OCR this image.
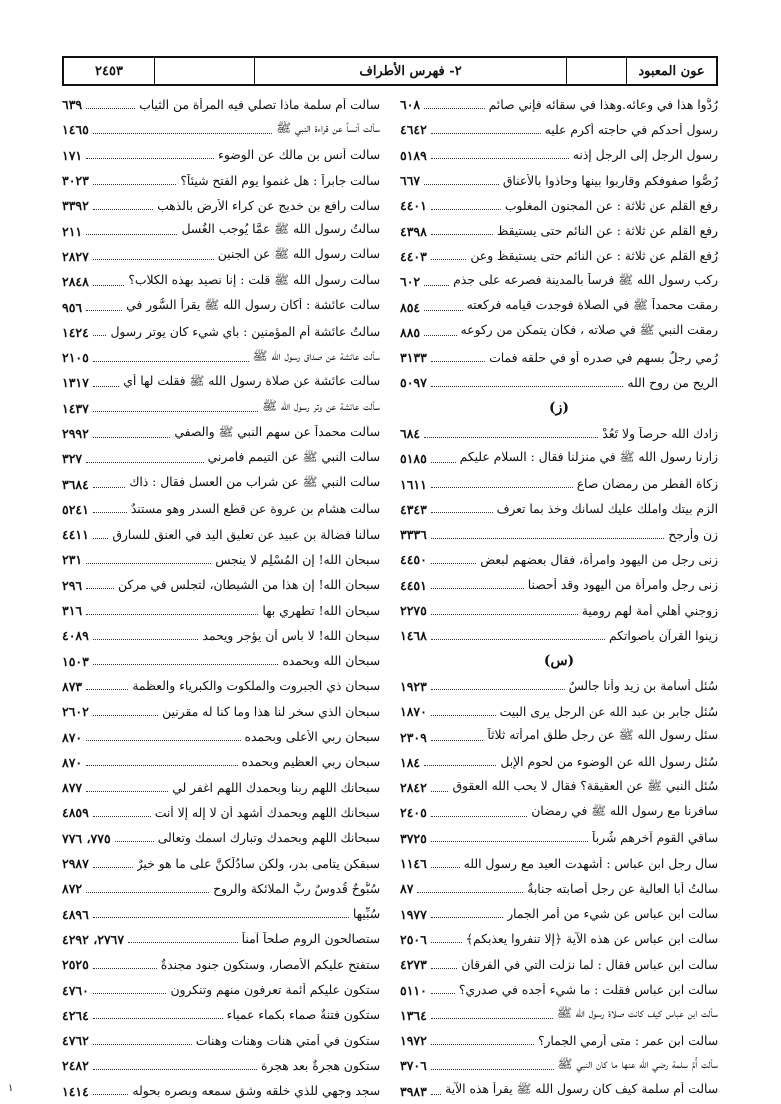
عون المعبود
٢- فهرس الأطراف
٢٤٥٣
رُدُّوا هذا في وعائه.وهذا في سقائه فإني صائم
٦٠٨
رسول أحدكم في حاجته أكرم عليه
٤٦٤٢
رسول الرجل إلى الرجل إذنه
٥١٨٩
رُصُّوا صفوفكم وقاربوا بينها وحاذوا بالأعناق
٦٦٧
رفع القلم عن ثلاثة : عن المجنون المغلوب
٤٤٠١
رفع القلم عن ثلاثة : عن النائم حتى يستيقظ
٤٣٩٨
رُفع القلم عن ثلاثة : عن النائم حتى يستيقظ وعن
٤٤٠٣
ركب رسول الله ﷺ فرساً بالمدينة فصرعه على جذم
٦٠٢
رمقت محمداً ﷺ في الصلاة فوجدت قيامه فركعته
٨٥٤
رمقت النبي ﷺ في صلاته ، فكان يتمكن من ركوعه
٨٨٥
رُمي رجلٌ بسهم في صدره أو في حلقه فمات
٣١٣٣
الريح من روح الله
٥٠٩٧
(ز)
زادك الله حرصاً ولا تَعُدْ
٦٨٤
زارنا رسول الله ﷺ في منزلنا فقال : السلام عليكم
٥١٨٥
زكاة الفطر من رمضان صاع
١٦١١
الزم بيتك واملك عليك لسانك وخذ بما تعرف
٤٣٤٣
زن وأرجح
٣٣٣٦
زنى رجل من اليهود وامرأة، فقال بعضهم لبعض
٤٤٥٠
زنى رجل وامرأة من اليهود وقد أحصنا
٤٤٥١
زوجني أهلي أمة لهم رومية
٢٢٧٥
زينوا القرآن بأصواتكم
١٤٦٨
(س)
سُئل أسامة بن زيد وأنا جالسٌ
١٩٢٣
سُئل جابر بن عبد الله عن الرجل يرى البيت
١٨٧٠
سئل رسول الله ﷺ عن رجل طلق امرأته ثلاثاً
٢٣٠٩
سُئل رسول الله عن الوضوء من لحوم الإبل
١٨٤
سُئل النبي ﷺ عن العقيقة؟ فقال لا يحب الله العقوق
٢٨٤٢
سافرنا مع رسول الله ﷺ في رمضان
٢٤٠٥
ساقي القوم آخرهم شُرباً
٣٧٢٥
سأل رجل ابن عباس : أشهدت العيد مع رسول الله
١١٤٦
سألتُ أبا العالية عن رجل أصابته جنابةٌ
٨٧
سألت ابن عباس عن شيء من أمر الجمار
١٩٧٧
سألت ابن عباس عن هذه الآية ﴿إلا تنفروا يعذبكم﴾
٢٥٠٦
سألت ابن عباس فقال : لما نزلت التي في الفرقان
٤٢٧٣
سألت ابن عباس فقلت : ما شيء أجده في صدري؟
٥١١٠
سألت ابن عباس كيف كانت صلاة رسول الله ﷺ
١٣٦٤
سألت ابن عمر : متى أرمي الجمار؟
١٩٧٢
سألت أُمَّ سلمة رضي الله عنها ما كان النبي ﷺ
٣٧٠٦
سألت أُم سلمة كيف كان رسول الله ﷺ يقرأ هذه الآية
٣٩٨٣
سألت أم سلمة ماذا تصلي فيه المرأة من الثياب
٦٣٩
سألت أنساً عن قراءة النبي ﷺ
١٤٦٥
سألت أنس بن مالك عن الوضوء
١٧١
سألت جابراً : هل غنموا يوم الفتح شيئاً؟
٣٠٢٣
سألت رافع بن خديج عن كراء الأرض بالذهب
٣٣٩٢
سألتُ رسول الله ﷺ عمَّا يُوجب الغُسل
٢١١
سألت رسول الله ﷺ عن الجنين
٢٨٢٧
سألت رسول الله ﷺ قلت : إنا نصيد بهذه الكلاب؟
٢٨٤٨
سألت عائشة : أكان رسول الله ﷺ يقرأ السُّور في
٩٥٦
سألتُ عائشة أم المؤمنين : بأي شيء كان يوتر رسول
١٤٢٤
سألت عائشة عن صداق رسول الله ﷺ
٢١٠٥
سألت عائشة عن صلاة رسول الله ﷺ فقلت لها أي
١٣١٧
سألت عائشة عن وتر رسول الله ﷺ
١٤٣٧
سألت محمداً عن سهم النبي ﷺ والصفي
٢٩٩٢
سألت النبي ﷺ عن التيمم فأمرني
٣٢٧
سألت النبي ﷺ عن شراب من العسل فقال : ذاك
٣٦٨٤
سألت هشام بن عروة عن قطع السدر وهو مستندٌ
٥٢٤١
سألنا فضالة بن عبيد عن تعليق اليد في العنق للسارق
٤٤١١
سبحان الله! إن المُسْلِم لا ينجس
٢٣١
سبحان الله! إن هذا من الشيطان، لتجلس في مركن
٢٩٦
سبحان الله! تطهري بها
٣١٦
سبحان الله! لا بأس أن يؤجر ويحمد
٤٠٨٩
سبحان الله وبحمده
١٥٠٣
سبحان ذي الجبروت والملكوت والكبرياء والعظمة
٨٧٣
سبحان الذي سخر لنا هذا وما كنا له مقرنين
٢٦٠٢
سبحان ربي الأعلى وبحمده
٨٧٠
سبحان ربي العظيم وبحمده
٨٧٠
سبحانك اللهم ربنا وبحمدك اللهم اغفر لي
٨٧٧
سبحانك اللهم وبحمدك أشهد أن لا إله إلا أنت
٤٨٥٩
سبحانك اللهم وبحمدك وتبارك اسمك وتعالى
٧٧٥، ٧٧٦
سبقكن يتامى بدر، ولكن سأدُلُّكنَّ على ما هو خيرٌ
٢٩٨٧
سُبُّوحٌ قُدوسٌ ربُّ الملائكة والروح
٨٧٢
سُبِّيها
٤٨٩٦
ستصالحون الروم صلحاً آمناً
٢٧٦٧، ٤٢٩٢
ستفتح عليكم الأمصار، وستكون جنود مجندةٌ
٢٥٢٥
ستكون عليكم أئمة تعرفون منهم وتنكرون
٤٧٦٠
ستكون فتنةٌ صماء بكماء عمياء
٤٢٦٤
ستكون في أمتي هنات وهنات وهنات
٤٧٦٢
ستكون هجرةٌ بعد هجرة
٢٤٨٢
سجد وجهي للذي خلقه وشق سمعه وبصره بحوله
١٤١٤
١
